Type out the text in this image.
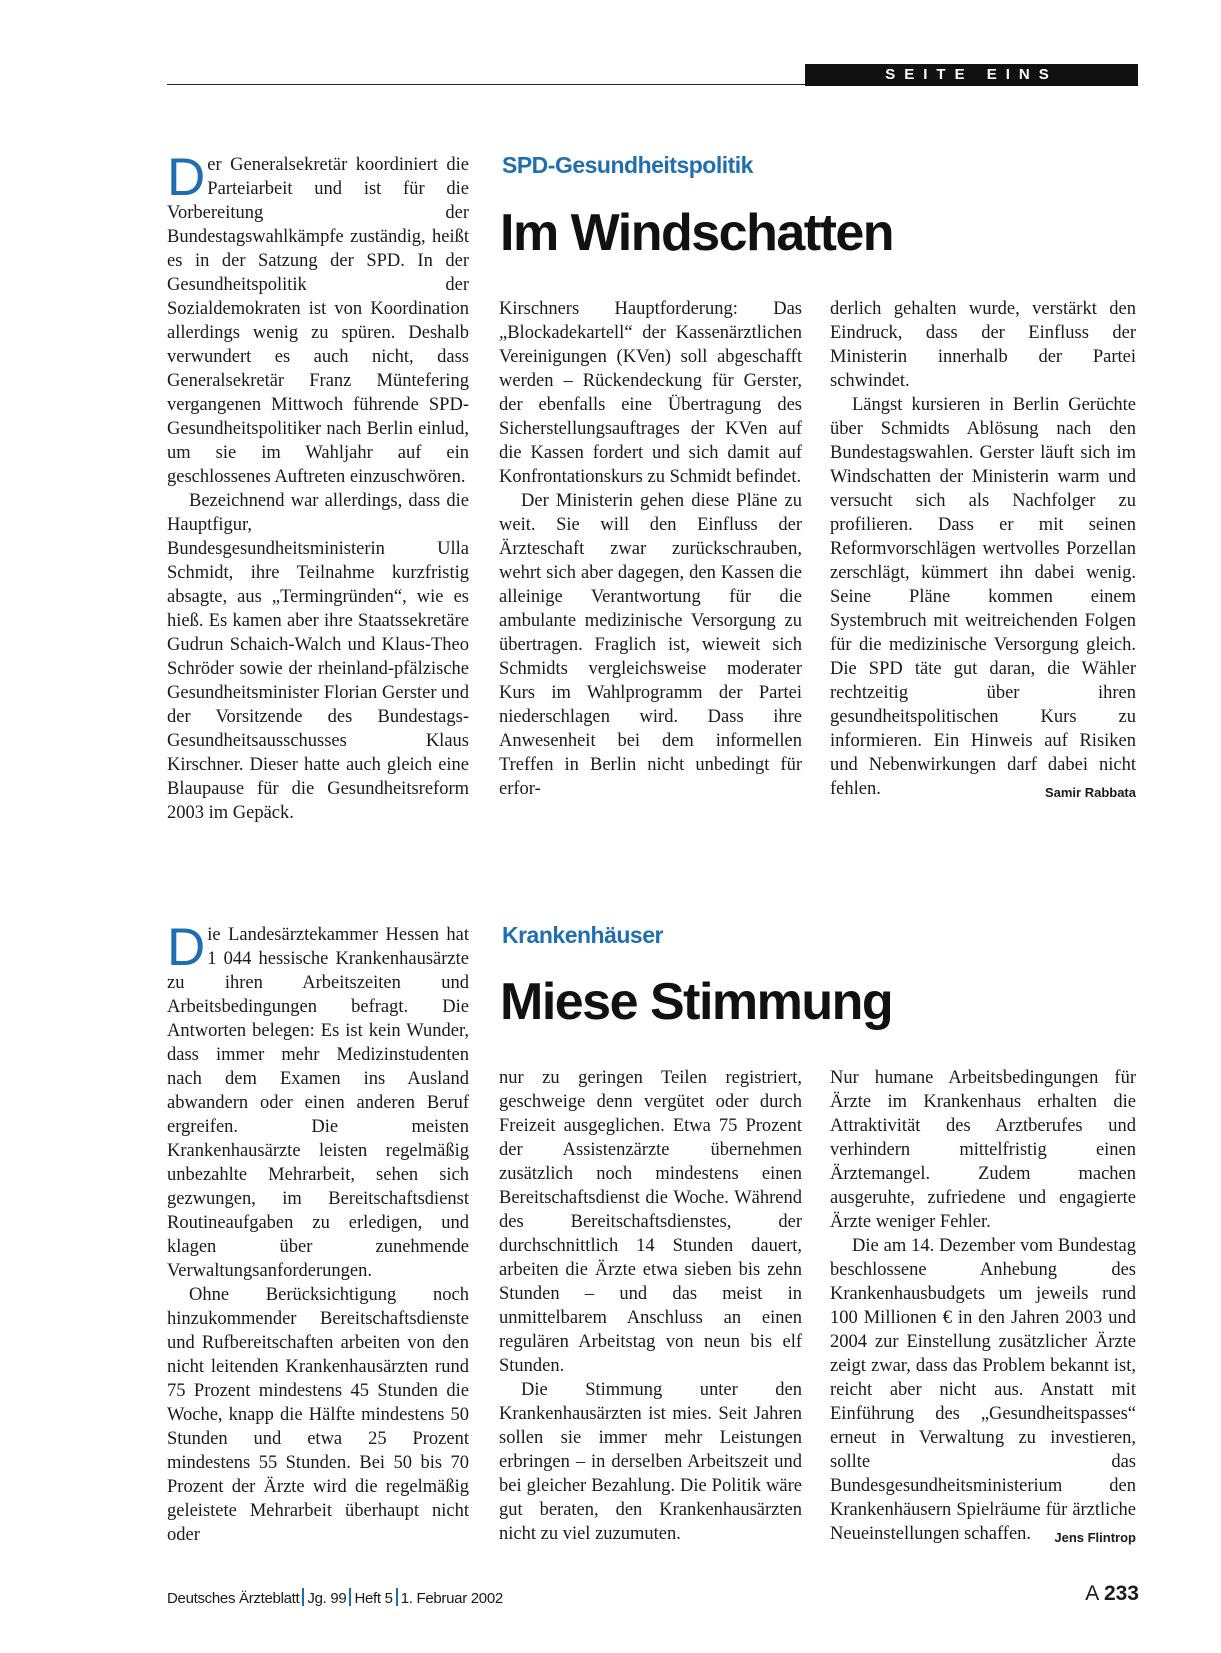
SEITE EINS

Der Generalsekretär koordiniert die Parteiarbeit und ist für die Vorbereitung der Bundestagswahlkämpfe zuständig, heißt es in der Satzung der SPD. In der Gesundheitspolitik der Sozialdemokraten ist von Koordination allerdings wenig zu spüren. Deshalb verwundert es auch nicht, dass Generalsekretär Franz Müntefering vergangenen Mittwoch führende SPD-Gesundheitspolitiker nach Berlin einlud, um sie im Wahljahr auf ein geschlossenes Auftreten einzuschwören.

Bezeichnend war allerdings, dass die Hauptfigur, Bundesgesundheitsministerin Ulla Schmidt, ihre Teilnahme kurzfristig absagte, aus „Termingründen“, wie es hieß. Es kamen aber ihre Staatssekretäre Gudrun Schaich-Walch und Klaus-Theo Schröder sowie der rheinland-pfälzische Gesundheitsminister Florian Gerster und der Vorsitzende des Bundestags-Gesundheitsausschusses Klaus Kirschner. Dieser hatte auch gleich eine Blaupause für die Gesundheitsreform 2003 im Gepäck.

SPD-Gesundheitspolitik
Im Windschatten

Kirschners Hauptforderung: Das „Blockadekartell“ der Kassenärztlichen Vereinigungen (KVen) soll abgeschafft werden – Rückendeckung für Gerster, der ebenfalls eine Übertragung des Sicherstellungsauftrages der KVen auf die Kassen fordert und sich damit auf Konfrontationskurs zu Schmidt befindet.

Der Ministerin gehen diese Pläne zu weit. Sie will den Einfluss der Ärzteschaft zwar zurückschrauben, wehrt sich aber dagegen, den Kassen die alleinige Verantwortung für die ambulante medizinische Versorgung zu übertragen. Fraglich ist, wieweit sich Schmidts vergleichsweise moderater Kurs im Wahlprogramm der Partei niederschlagen wird. Dass ihre Anwesenheit bei dem informellen Treffen in Berlin nicht unbedingt für erfor-

derlich gehalten wurde, verstärkt den Eindruck, dass der Einfluss der Ministerin innerhalb der Partei schwindet.

Längst kursieren in Berlin Gerüchte über Schmidts Ablösung nach den Bundestagswahlen. Gerster läuft sich im Windschatten der Ministerin warm und versucht sich als Nachfolger zu profilieren. Dass er mit seinen Reformvorschlägen wertvolles Porzellan zerschlägt, kümmert ihn dabei wenig. Seine Pläne kommen einem Systembruch mit weitreichenden Folgen für die medizinische Versorgung gleich. Die SPD täte gut daran, die Wähler rechtzeitig über ihren gesundheitspolitischen Kurs zu informieren. Ein Hinweis auf Risiken und Nebenwirkungen darf dabei nicht fehlen.	Samir Rabbata

Die Landesärztekammer Hessen hat 1 044 hessische Krankenhausärzte zu ihren Arbeitszeiten und Arbeitsbedingungen befragt. Die Antworten belegen: Es ist kein Wunder, dass immer mehr Medizinstudenten nach dem Examen ins Ausland abwandern oder einen anderen Beruf ergreifen. Die meisten Krankenhausärzte leisten regelmäßig unbezahlte Mehrarbeit, sehen sich gezwungen, im Bereitschaftsdienst Routineaufgaben zu erledigen, und klagen über zunehmende Verwaltungsanforderungen.

Ohne Berücksichtigung noch hinzukommender Bereitschaftsdienste und Rufbereitschaften arbeiten von den nicht leitenden Krankenhausärzten rund 75 Prozent mindestens 45 Stunden die Woche, knapp die Hälfte mindestens 50 Stunden und etwa 25 Prozent mindestens 55 Stunden. Bei 50 bis 70 Prozent der Ärzte wird die regelmäßig geleistete Mehrarbeit überhaupt nicht oder

Krankenhäuser
Miese Stimmung

nur zu geringen Teilen registriert, geschweige denn vergütet oder durch Freizeit ausgeglichen. Etwa 75 Prozent der Assistenzärzte übernehmen zusätzlich noch mindestens einen Bereitschaftsdienst die Woche. Während des Bereitschaftsdienstes, der durchschnittlich 14 Stunden dauert, arbeiten die Ärzte etwa sieben bis zehn Stunden – und das meist in unmittelbarem Anschluss an einen regulären Arbeitstag von neun bis elf Stunden.

Die Stimmung unter den Krankenhausärzten ist mies. Seit Jahren sollen sie immer mehr Leistungen erbringen – in derselben Arbeitszeit und bei gleicher Bezahlung. Die Politik wäre gut beraten, den Krankenhausärzten nicht zu viel zuzumuten.

Nur humane Arbeitsbedingungen für Ärzte im Krankenhaus erhalten die Attraktivität des Arztberufes und verhindern mittelfristig einen Ärztemangel. Zudem machen ausgeruhte, zufriedene und engagierte Ärzte weniger Fehler.

Die am 14. Dezember vom Bundestag beschlossene Anhebung des Krankenhausbudgets um jeweils rund 100 Millionen € in den Jahren 2003 und 2004 zur Einstellung zusätzlicher Ärzte zeigt zwar, dass das Problem bekannt ist, reicht aber nicht aus. Anstatt mit Einführung des „Gesundheitspasses“ erneut in Verwaltung zu investieren, sollte das Bundesgesundheitsministerium den Krankenhäusern Spielräume für ärztliche Neueinstellungen schaffen.	Jens Flintrop

Deutsches Ärzteblatt Jg. 99 Heft 5 1. Februar 2002	A 233
